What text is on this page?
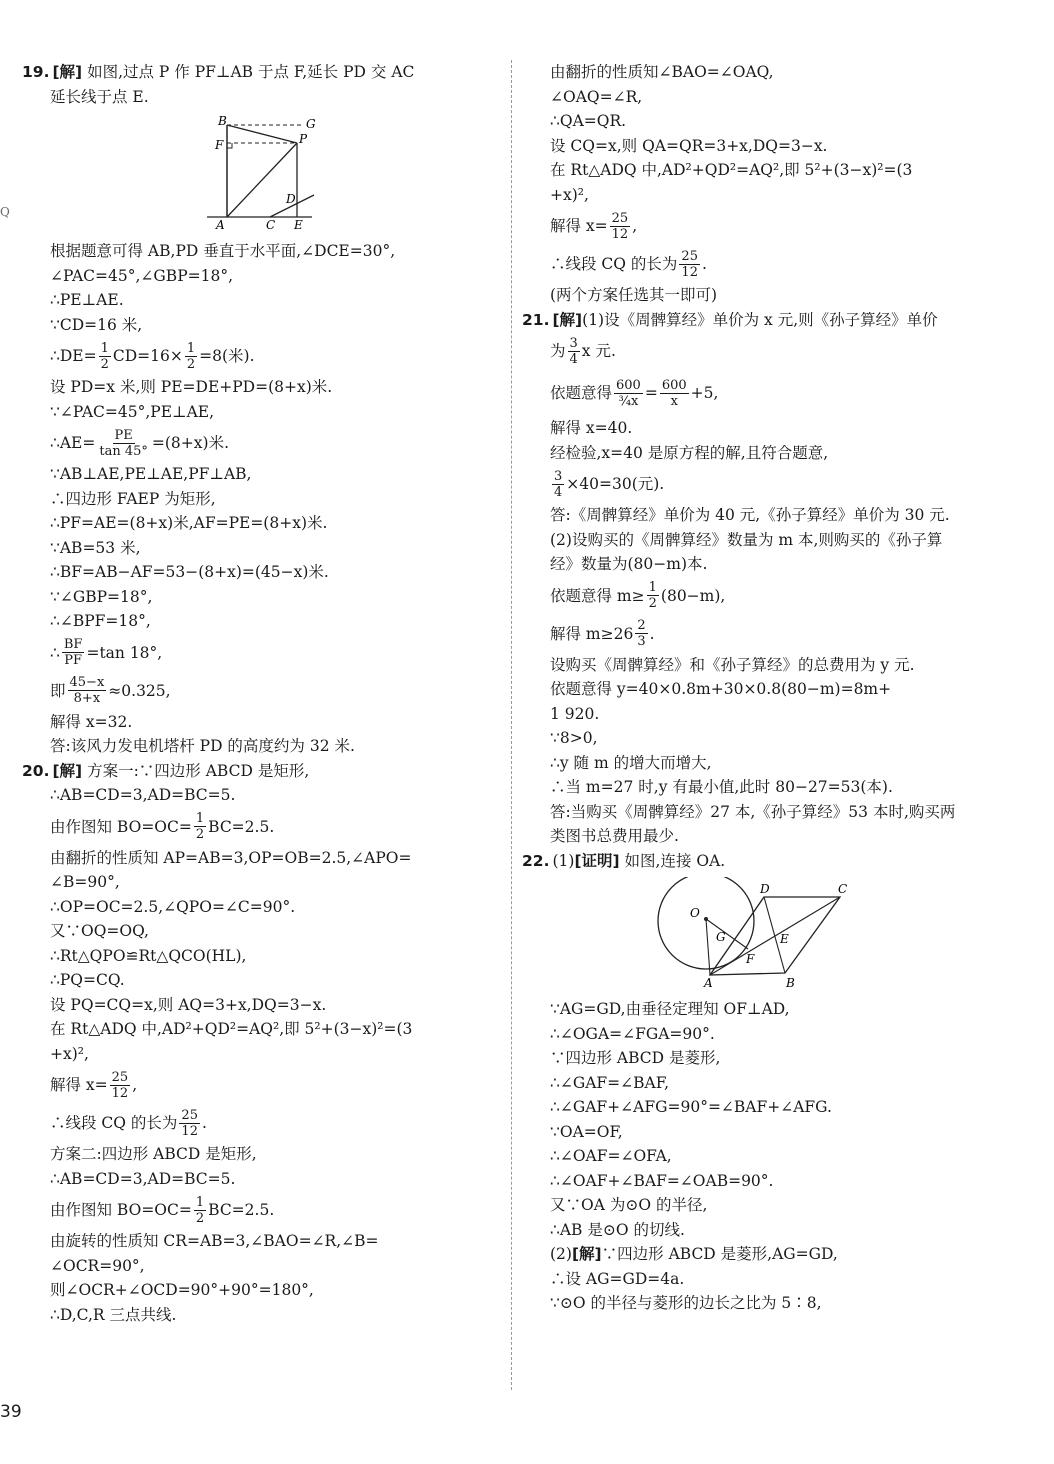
Q
19. [解] 如图,过点 P 作 PF⊥AB 于点 F,延长 PD 交 AC
延长线于点 E.
B	G
F	P
D
A	C E
根据题意可得 AB,PD 垂直于水平面,∠DCE=30°,
∠PAC=45°,∠GBP=18°,
∴PE⊥AE.
∵CD=16 米,
∴DE= $\frac{1}{2} CD=16\times \frac{1}{2} =8$(米).
设 PD=x 米,则 PE=DE+PD=(8+x)米.
∵∠PAC=45°,PE⊥AE,
∴AE= $\frac{PE}{\tan 45^\circ} =(8+x)$米.
∵AB⊥AE,PE⊥AE,PF⊥AB,
∴四边形 FAEP 为矩形,
∴PF=AE=(8+x)米,AF=PE=(8+x)米.
∵AB=53 米,
∴BF=AB−AF=53−(8+x)=(45−x)米.
∵∠GBP=18°,
∴∠BPF=18°,
∴ $\frac{BF}{PF} =\tan$ 18°,
即 $\frac{45-x}{8+x} \approx 0.325$,
解得 x=32.
答:该风力发电机塔杆 PD 的高度约为 32 米.
20. [解] 方案一:∵四边形 ABCD 是矩形,
∴AB=CD=3,AD=BC=5.
由作图知 $BO=OC= \frac{1}{2} BC=2.5$.
由翻折的性质知 AP=AB=3,OP=OB=2.5,∠APO=
∠B=90°,
∴OP=OC=2.5,∠QPO=∠C=90°.
又∵OQ=OQ,
∴Rt△QPO≌Rt△QCO(HL),
∴PQ=CQ.
设 PQ=CQ=x,则 AQ=3+x,DQ=3−x.
在 Rt△ADQ 中,AD²+QD²=AQ²,即 5²+(3−x)²=(3
+x)²,
解得 $x= \frac{25}{12}$ ,
∴线段 CQ 的长为 $\frac{25}{12}$ .
方案二:四边形 ABCD 是矩形,
∴AB=CD=3,AD=BC=5.
由作图知 $BO=OC= \frac{1}{2} BC=2.5$.
由旋转的性质知 CR=AB=3,∠BAO=∠R,∠B=
∠OCR=90°,
则∠OCR+∠OCD=90°+90°=180°,
∴D,C,R 三点共线.
由翻折的性质知∠BAO=∠OAQ,
∠OAQ=∠R,
∴QA=QR.
设 CQ=x,则 QA=QR=3+x,DQ=3−x.
在 Rt△ADQ 中,AD²+QD²=AQ²,即 5²+(3−x)²=(3
+x)²,
解得 $x= \frac{25}{12}$ ,
∴线段 CQ 的长为 $\frac{25}{12}$ .
(两个方案任选其一即可)
21. [解](1)设《周髀算经》单价为 x 元,则《孙子算经》单价
为 $\frac{3}{4}$ x 元.
依题意得 $\frac{600}{\text{¾x}} = \frac{600}{x} +5$,
解得 x=40.
经检验,x=40 是原方程的解,且符合题意,
$\frac{3}{4} \times 40=30$(元).
答:《周髀算经》单价为 40 元,《孙子算经》单价为 30 元.
(2)设购买的《周髀算经》数量为 m 本,则购买的《孙子算
经》数量为(80−m)本.
依题意得 $m\ge \frac{1}{2} (80-m)$,
解得 $m\ge 26 \frac{2}{3}$ .
设购买《周髀算经》和《孙子算经》的总费用为 y 元.
依题意得 y=40×0.8m+30×0.8(80−m)=8m+
1 920.
∵8>0,
∴y 随 m 的增大而增大,
∴当 m=27 时,y 有最小值,此时 80−27=53(本).
答:当购买《周髀算经》27 本,《孙子算经》53 本时,购买两
类图书总费用最少.
22. (1)[证明] 如图,连接 OA.
O
D	C
G
F
E
A	B
∵AG=GD,由垂径定理知 OF⊥AD,
∴∠OGA=∠FGA=90°.
∵四边形 ABCD 是菱形,
∴∠GAF=∠BAF,
∴∠GAF+∠AFG=90°=∠BAF+∠AFG.
∵OA=OF,
∴∠OAF=∠OFA,
∴∠OAF+∠BAF=∠OAB=90°.
又∵OA 为⊙O 的半径,
∴AB 是⊙O 的切线.
(2)[解]∵四边形 ABCD 是菱形,AG=GD,
∴设 AG=GD=4a.
∵⊙O 的半径与菱形的边长之比为 5∶8,
39
